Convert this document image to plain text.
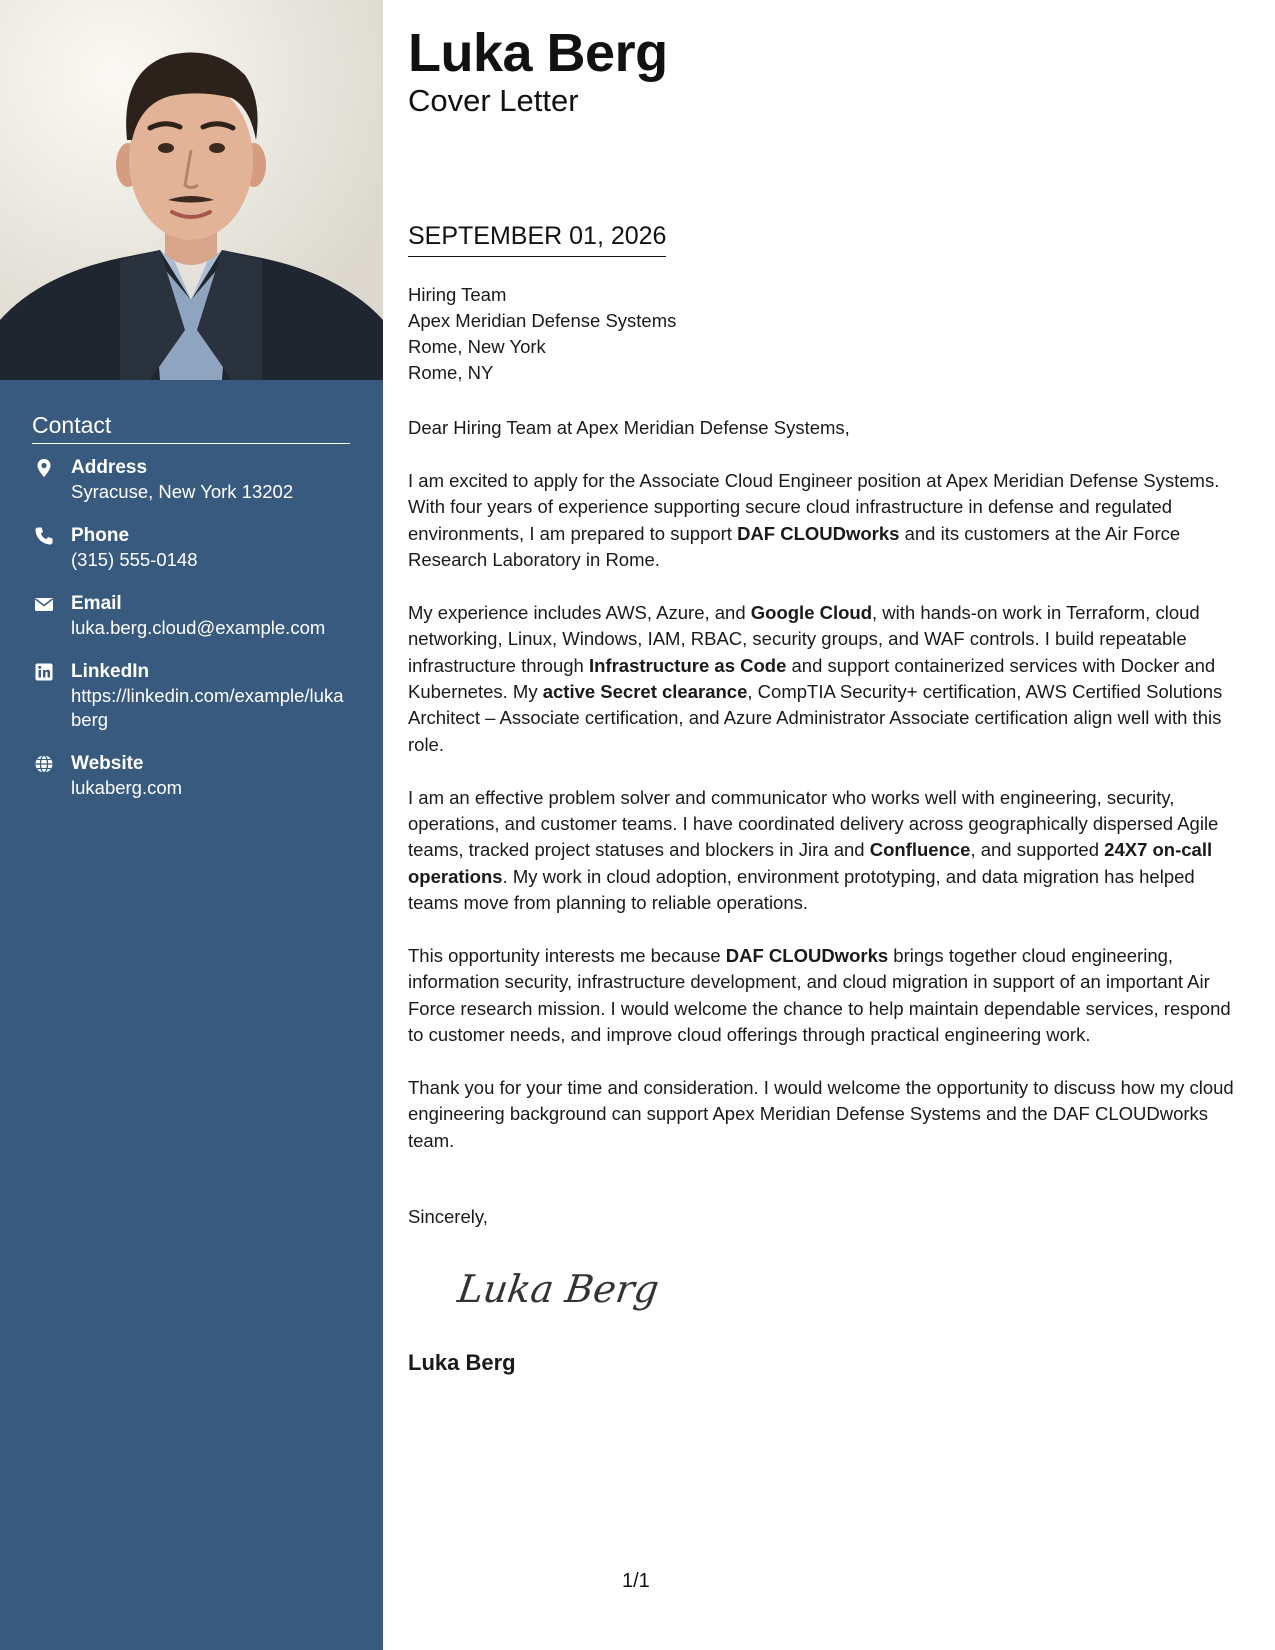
Contact
Address
Syracuse, New York 13202
Phone
(315) 555-0148
Email
luka.berg.cloud@example.com
LinkedIn
https://linkedin.com/example/lukaberg
Website
lukaberg.com
Luka Berg
Cover Letter
SEPTEMBER 01, 2026
Hiring Team
Apex Meridian Defense Systems
Rome, New York
Rome, NY

Dear Hiring Team at Apex Meridian Defense Systems,

I am excited to apply for the Associate Cloud Engineer position at Apex Meridian Defense Systems. With four years of experience supporting secure cloud infrastructure in defense and regulated environments, I am prepared to support DAF CLOUDworks and its customers at the Air Force Research Laboratory in Rome.

My experience includes AWS, Azure, and Google Cloud, with hands-on work in Terraform, cloud networking, Linux, Windows, IAM, RBAC, security groups, and WAF controls. I build repeatable infrastructure through Infrastructure as Code and support containerized services with Docker and Kubernetes. My active Secret clearance, CompTIA Security+ certification, AWS Certified Solutions Architect – Associate certification, and Azure Administrator Associate certification align well with this role.

I am an effective problem solver and communicator who works well with engineering, security, operations, and customer teams. I have coordinated delivery across geographically dispersed Agile teams, tracked project statuses and blockers in Jira and Confluence, and supported 24X7 on-call operations. My work in cloud adoption, environment prototyping, and data migration has helped teams move from planning to reliable operations.

This opportunity interests me because DAF CLOUDworks brings together cloud engineering, information security, infrastructure development, and cloud migration in support of an important Air Force research mission. I would welcome the chance to help maintain dependable services, respond to customer needs, and improve cloud offerings through practical engineering work.

Thank you for your time and consideration. I would welcome the opportunity to discuss how my cloud engineering background can support Apex Meridian Defense Systems and the DAF CLOUDworks team.

Sincerely,
Luka Berg
Luka Berg
1/1
